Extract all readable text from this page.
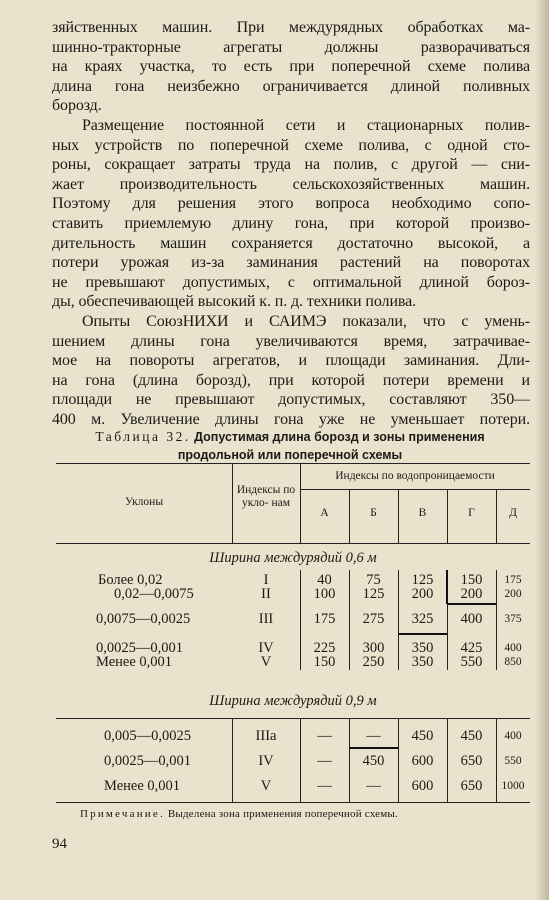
зяйственных машин. При междурядных обработках ма-
шинно-тракторные агрегаты должны разворачиваться
на краях участка, то есть при поперечной схеме полива
длина гона неизбежно ограничивается длиной поливных
борозд.
Размещение постоянной сети и стационарных полив-
ных устройств по поперечной схеме полива, с одной сто-
роны, сокращает затраты труда на полив, с другой — сни-
жает производительность сельскохозяйственных машин.
Поэтому для решения этого вопроса необходимо сопо-
ставить приемлемую длину гона, при которой произво-
дительность машин сохраняется достаточно высокой, а
потери урожая из-за заминания растений на поворотах
не превышают допустимых, с оптимальной длиной бороз-
ды, обеспечивающей высокий к. п. д. техники полива.
Опыты СоюзНИХИ и САИМЭ показали, что с умень-
шением длины гона увеличиваются время, затрачивае-
мое на повороты агрегатов, и площади заминания. Дли-
на гона (длина борозд), при которой потери времени и
площади не превышают допустимых, составляют 350—
400 м. Увеличение длины гона уже не уменьшает потери.
Таблица 32. Допустимая длина борозд и зоны применения
продольной или поперечной схемы
Уклоны
Индексы по укло- нам
Индексы по водопроницаемости
А	Б	В	Г	Д
Ширина междурядий 0,6 м
Более 0,02	I	40	75	125	150	175
0,02—0,0075	II	100	125	200	200	200
0,0075—0,0025	III	175	275	325	400	375
0,0025—0,001	IV	225	300	350	425	400
Менее 0,001	V	150	250	350	550	850
Ширина междурядий 0,9 м
0,005—0,0025	IIIa	—	—	450	450	400
0,0025—0,001	IV	—	450	600	650	550
Менее 0,001	V	—	—	600	650	1000
Примечание. Выделена зона применения поперечной схемы.
94
